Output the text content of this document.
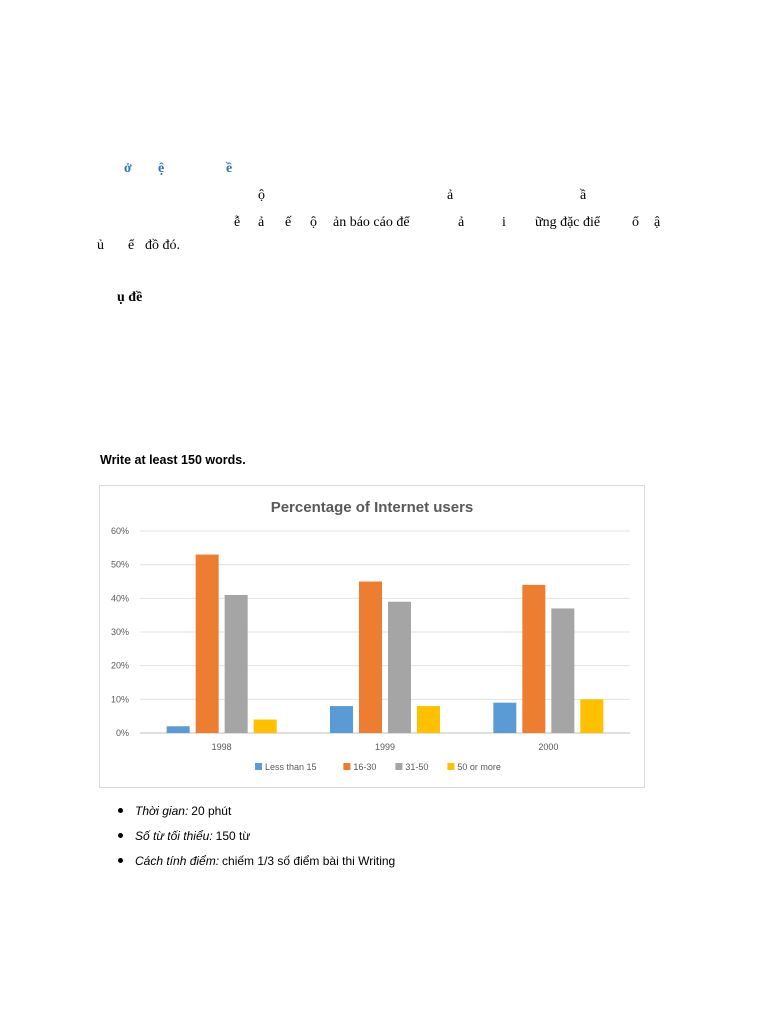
ở ệ	ề
ộ	ả	ầ
ễ ả ế ộ ản báo cáo để	ả	i ững đặc điể ổ ậ
ủ ể đồ đó.
ụ đề
Write at least 150 words.
Percentage of Internet users
0%
10%
20%
30%
40%
50%
60%
1998	1999	2000
Less than 15	16-30	31-50	50 or more
Thời gian: 20 phút
Số từ tối thiểu: 150 từ
Cách tính điểm: chiếm 1/3 số điểm bài thi Writing
